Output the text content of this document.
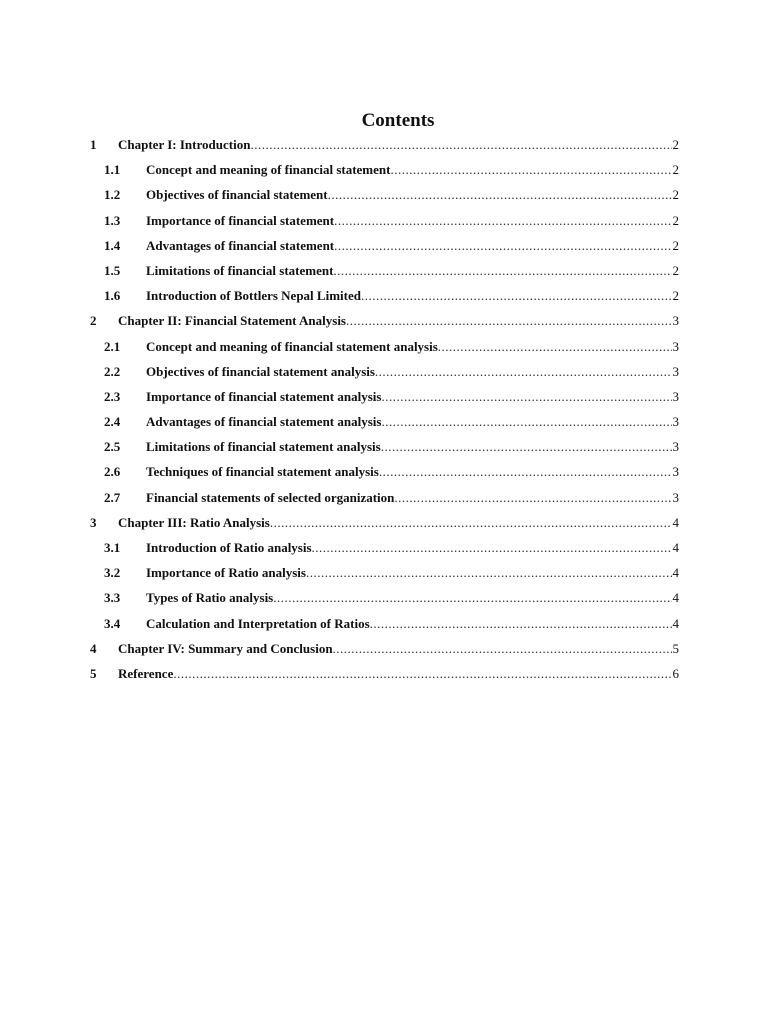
Contents
1 Chapter I: Introduction .....	2
1.1 Concept and meaning of financial statement .....	2
1.2 Objectives of financial statement .....	2
1.3 Importance of financial statement .....	2
1.4 Advantages of financial statement .....	2
1.5 Limitations of financial statement .....	2
1.6 Introduction of Bottlers Nepal Limited .....	2
2 Chapter II: Financial Statement Analysis .....	3
2.1 Concept and meaning of financial statement analysis .....	3
2.2 Objectives of financial statement analysis .....	3
2.3 Importance of financial statement analysis .....	3
2.4 Advantages of financial statement analysis .....	3
2.5 Limitations of financial statement analysis .....	3
2.6 Techniques of financial statement analysis .....	3
2.7 Financial statements of selected organization .....	3
3 Chapter III: Ratio Analysis .....	4
3.1 Introduction of Ratio analysis .....	4
3.2 Importance of Ratio analysis .....	4
3.3 Types of Ratio analysis .....	4
3.4 Calculation and Interpretation of Ratios .....	4
4 Chapter IV: Summary and Conclusion .....	5
5 Reference .....	6
